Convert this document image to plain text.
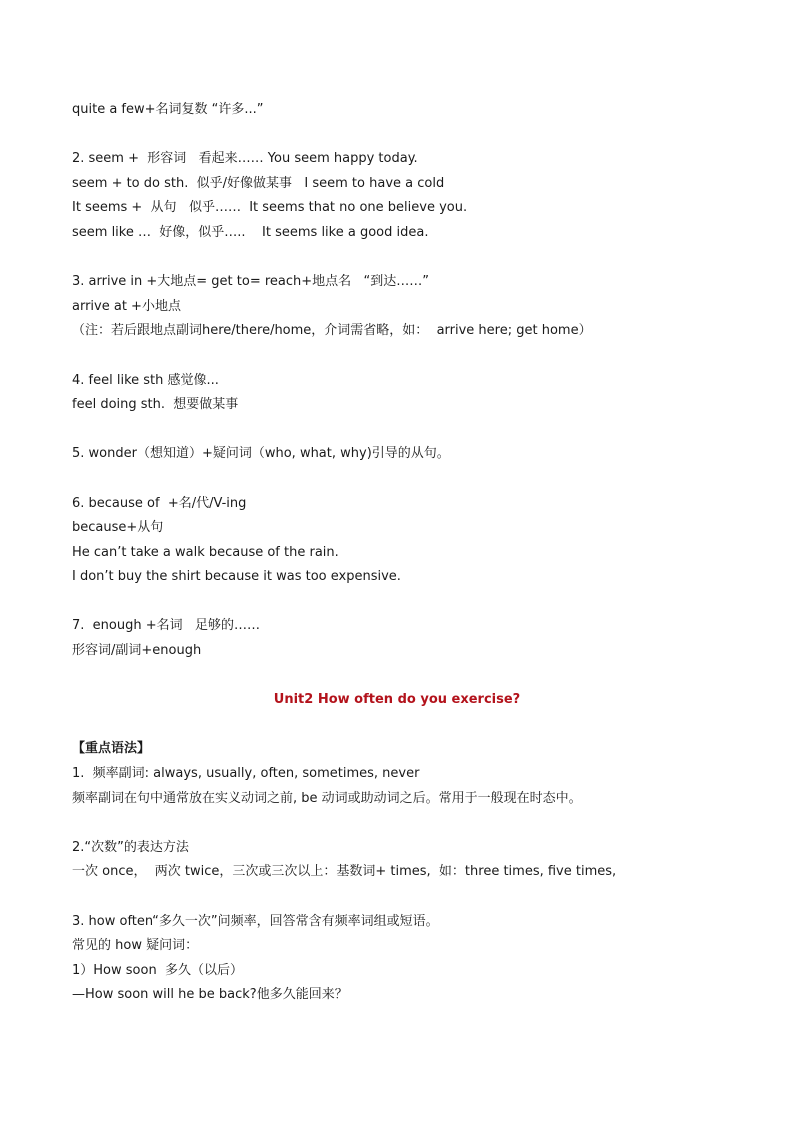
quite a few+名词复数 “许多...”
2. seem +  形容词   看起来…… You seem happy today.
seem + to do sth.  似乎/好像做某事   I seem to have a cold
It seems +  从句   似乎……  It seems that no one believe you.
seem like …  好像，似乎…..    It seems like a good idea.
3. arrive in +大地点= get to= reach+地点名   “到达……”
arrive at +小地点
（注：若后跟地点副词here/there/home，介词需省略，如：  arrive here; get home）
4. feel like sth 感觉像...
feel doing sth.  想要做某事
5. wonder（想知道）+疑问词（who, what, why)引导的从句。
6. because of  +名/代/V-ing
because+从句
He can’t take a walk because of the rain.
I don’t buy the shirt because it was too expensive.
7.  enough +名词   足够的……
形容词/副词+enough
Unit2 How often do you exercise?
【重点语法】
1.  频率副词: always, usually, often, sometimes, never
频率副词在句中通常放在实义动词之前, be 动词或助动词之后。常用于一般现在时态中。
2.“次数”的表达方法
一次 once，  两次 twice，三次或三次以上：基数词+ times,  如：three times, five times,
3. how often“多久一次”问频率，回答常含有频率词组或短语。
常见的 how 疑问词：
1）How soon  多久（以后）
—How soon will he be back?他多久能回来？
